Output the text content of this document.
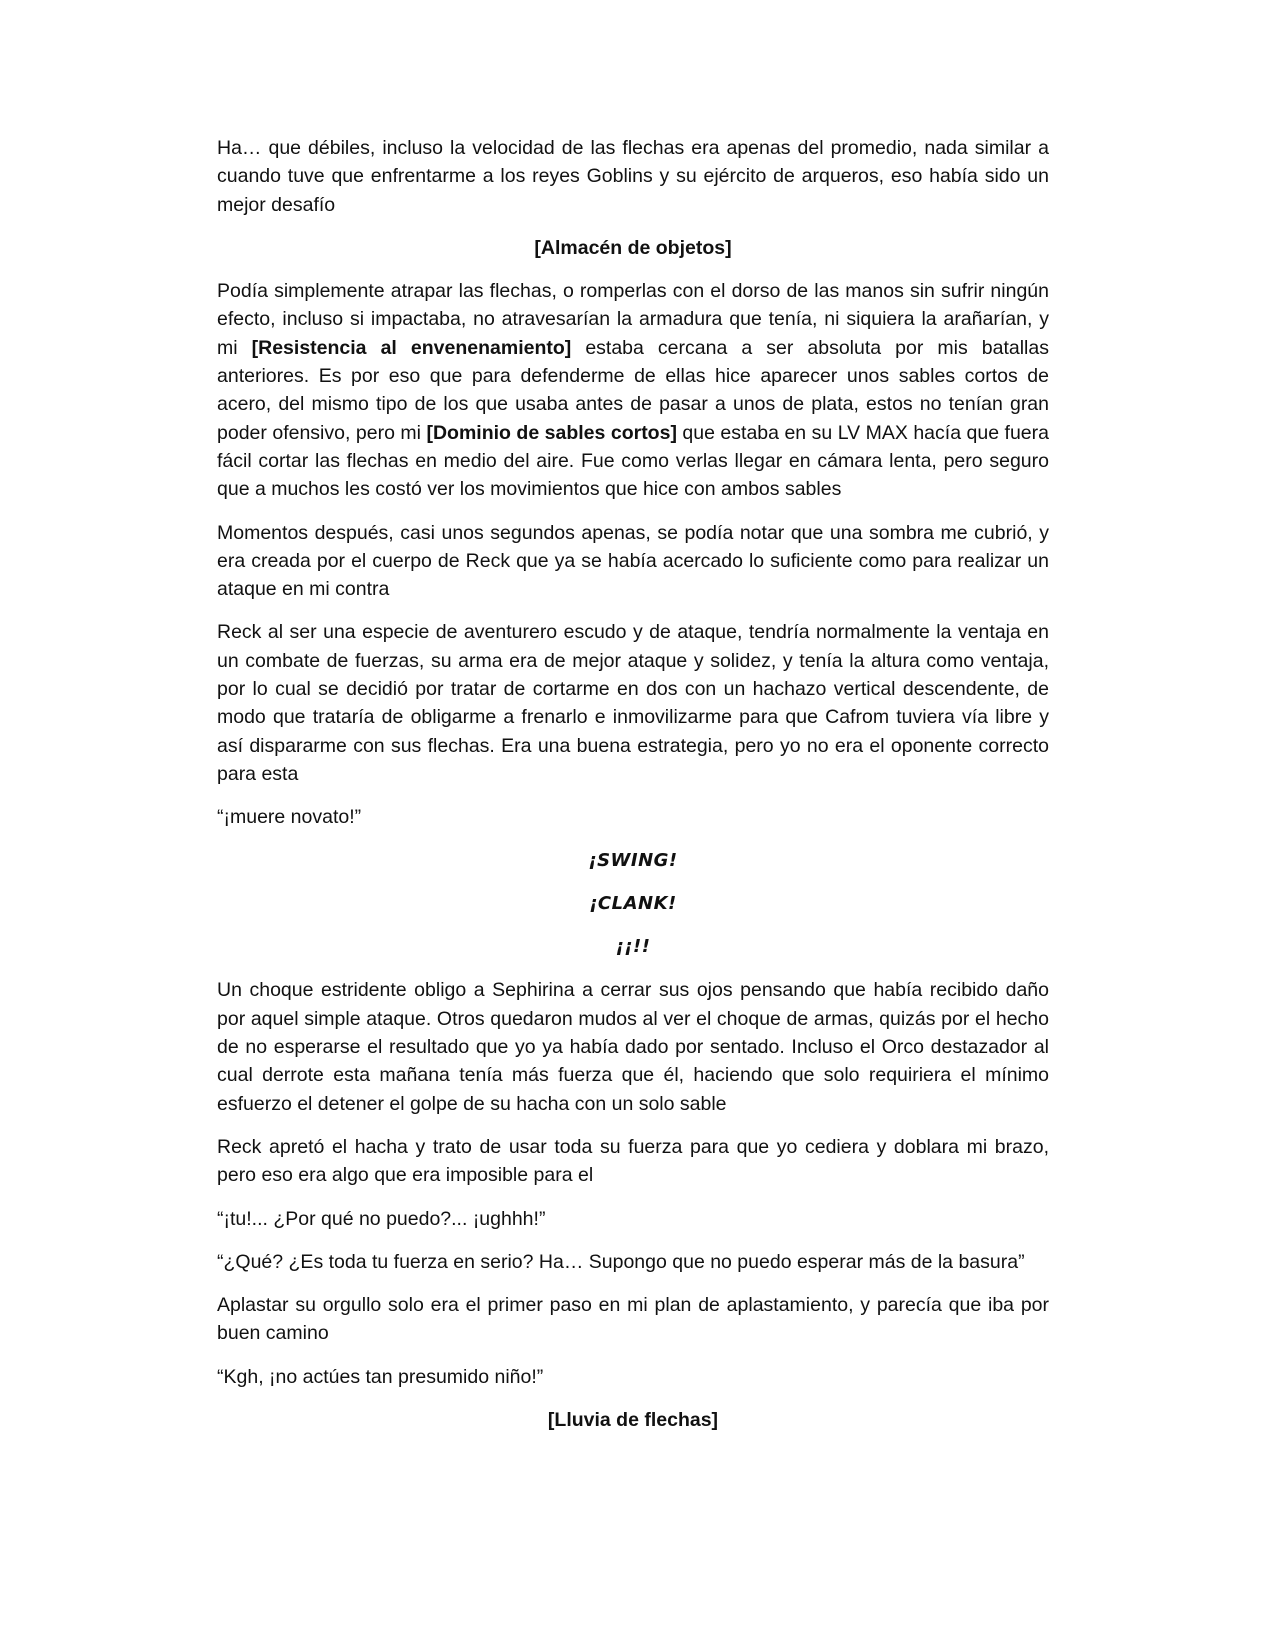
Ha… que débiles, incluso la velocidad de las flechas era apenas del promedio, nada similar a cuando tuve que enfrentarme a los reyes Goblins y su ejército de arqueros, eso había sido un mejor desafío

[Almacén de objetos]

Podía simplemente atrapar las flechas, o romperlas con el dorso de las manos sin sufrir ningún efecto, incluso si impactaba, no atravesarían la armadura que tenía, ni siquiera la arañarían, y mi [Resistencia al envenenamiento] estaba cercana a ser absoluta por mis batallas anteriores. Es por eso que para defenderme de ellas hice aparecer unos sables cortos de acero, del mismo tipo de los que usaba antes de pasar a unos de plata, estos no tenían gran poder ofensivo, pero mi [Dominio de sables cortos] que estaba en su LV MAX hacía que fuera fácil cortar las flechas en medio del aire. Fue como verlas llegar en cámara lenta, pero seguro que a muchos les costó ver los movimientos que hice con ambos sables

Momentos después, casi unos segundos apenas, se podía notar que una sombra me cubrió, y era creada por el cuerpo de Reck que ya se había acercado lo suficiente como para realizar un ataque en mi contra

Reck al ser una especie de aventurero escudo y de ataque, tendría normalmente la ventaja en un combate de fuerzas, su arma era de mejor ataque y solidez, y tenía la altura como ventaja, por lo cual se decidió por tratar de cortarme en dos con un hachazo vertical descendente, de modo que trataría de obligarme a frenarlo e inmovilizarme para que Cafrom tuviera vía libre y así dispararme con sus flechas. Era una buena estrategia, pero yo no era el oponente correcto para esta

“¡muere novato!”

¡SWING!

¡CLANK!

¡¡!!

Un choque estridente obligo a Sephirina a cerrar sus ojos pensando que había recibido daño por aquel simple ataque. Otros quedaron mudos al ver el choque de armas, quizás por el hecho de no esperarse el resultado que yo ya había dado por sentado. Incluso el Orco destazador al cual derrote esta mañana tenía más fuerza que él, haciendo que solo requiriera el mínimo esfuerzo el detener el golpe de su hacha con un solo sable

Reck apretó el hacha y trato de usar toda su fuerza para que yo cediera y doblara mi brazo, pero eso era algo que era imposible para el

“¡tu!... ¿Por qué no puedo?... ¡ughhh!”

“¿Qué? ¿Es toda tu fuerza en serio? Ha… Supongo que no puedo esperar más de la basura”

Aplastar su orgullo solo era el primer paso en mi plan de aplastamiento, y parecía que iba por buen camino

“Kgh, ¡no actúes tan presumido niño!”

[Lluvia de flechas]
